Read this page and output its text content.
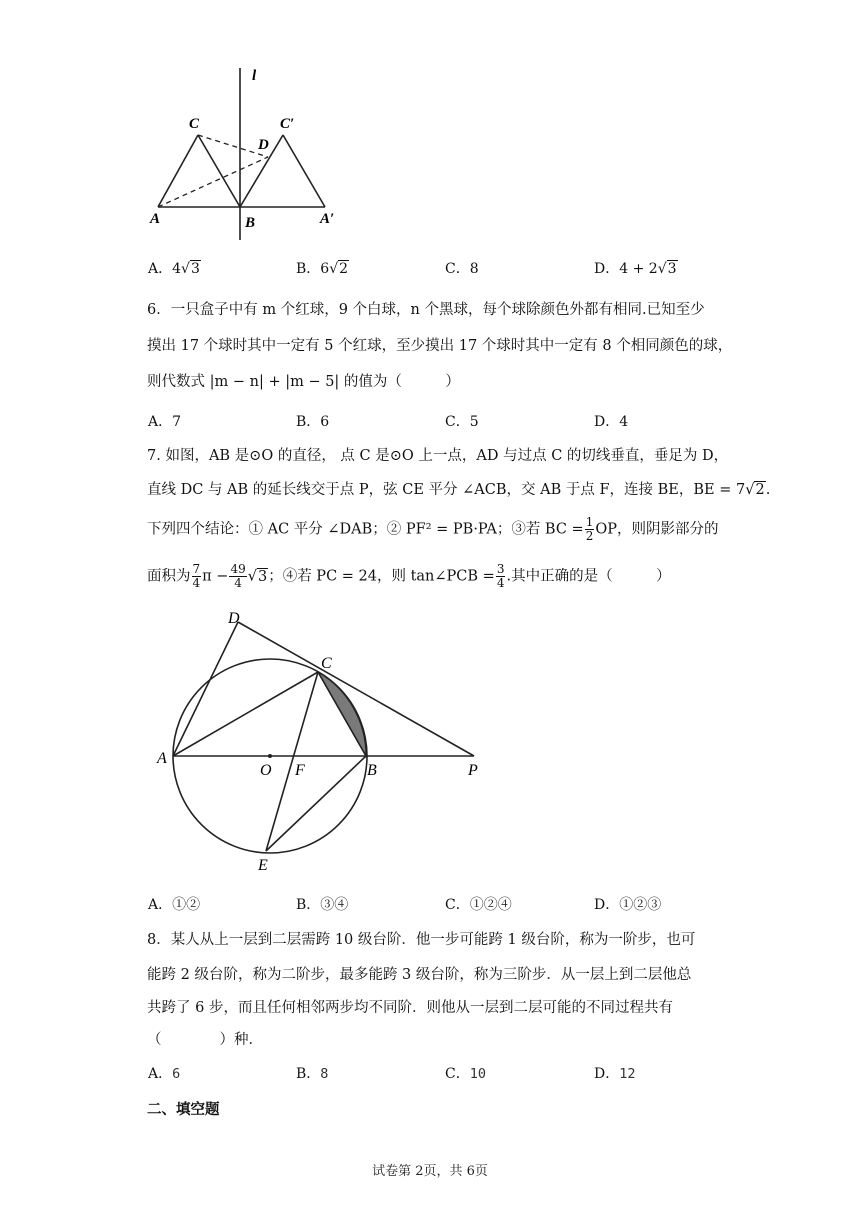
l
C
D
C′
A	B	A′
A．4√3	B．6√2	C．8	D．4 + 2√3
6．一只盒子中有 m 个红球，9 个白球，n 个黑球，每个球除颜色外都有相同.已知至少
摸出 17 个球时其中一定有 5 个红球，至少摸出 17 个球时其中一定有 8 个相同颜色的球，
则代数式 |m − n| + |m − 5| 的值为（　　　）
A．7	B．6	C．5	D．4
7. 如图，AB 是⊙O 的直径， 点 C 是⊙O 上一点，AD 与过点 C 的切线垂直，垂足为 D，
直线 DC 与 AB 的延长线交于点 P，弦 CE 平分 ∠ACB，交 AB 于点 F，连接 BE，BE = 7√2.
下列四个结论：① AC 平分 ∠DAB；② PF² = PB·PA；③若 BC = $\frac{1}{2}$ OP，则阴影部分的
面积为 $\frac{7}{4}$ $\pi - \frac{49}{4} √3$；④若 PC = 24，则 tan∠PCB = $\frac{3}{4}$ .其中正确的是（　　　）
D
C
A
O F	B	P
E
A．①②	B．③④	C．①②④	D．①②③
8．某人从上一层到二层需跨 10 级台阶．他一步可能跨 1 级台阶，称为一阶步，也可
能跨 2 级台阶，称为二阶步，最多能跨 3 级台阶，称为三阶步．从一层上到二层他总
共跨了 6 步，而且任何相邻两步均不同阶．则他从一层到二层可能的不同过程共有
（　　　　）种．
A．6	B．8	C．10	D．12
二、填空题
试卷第 2页，共 6页
